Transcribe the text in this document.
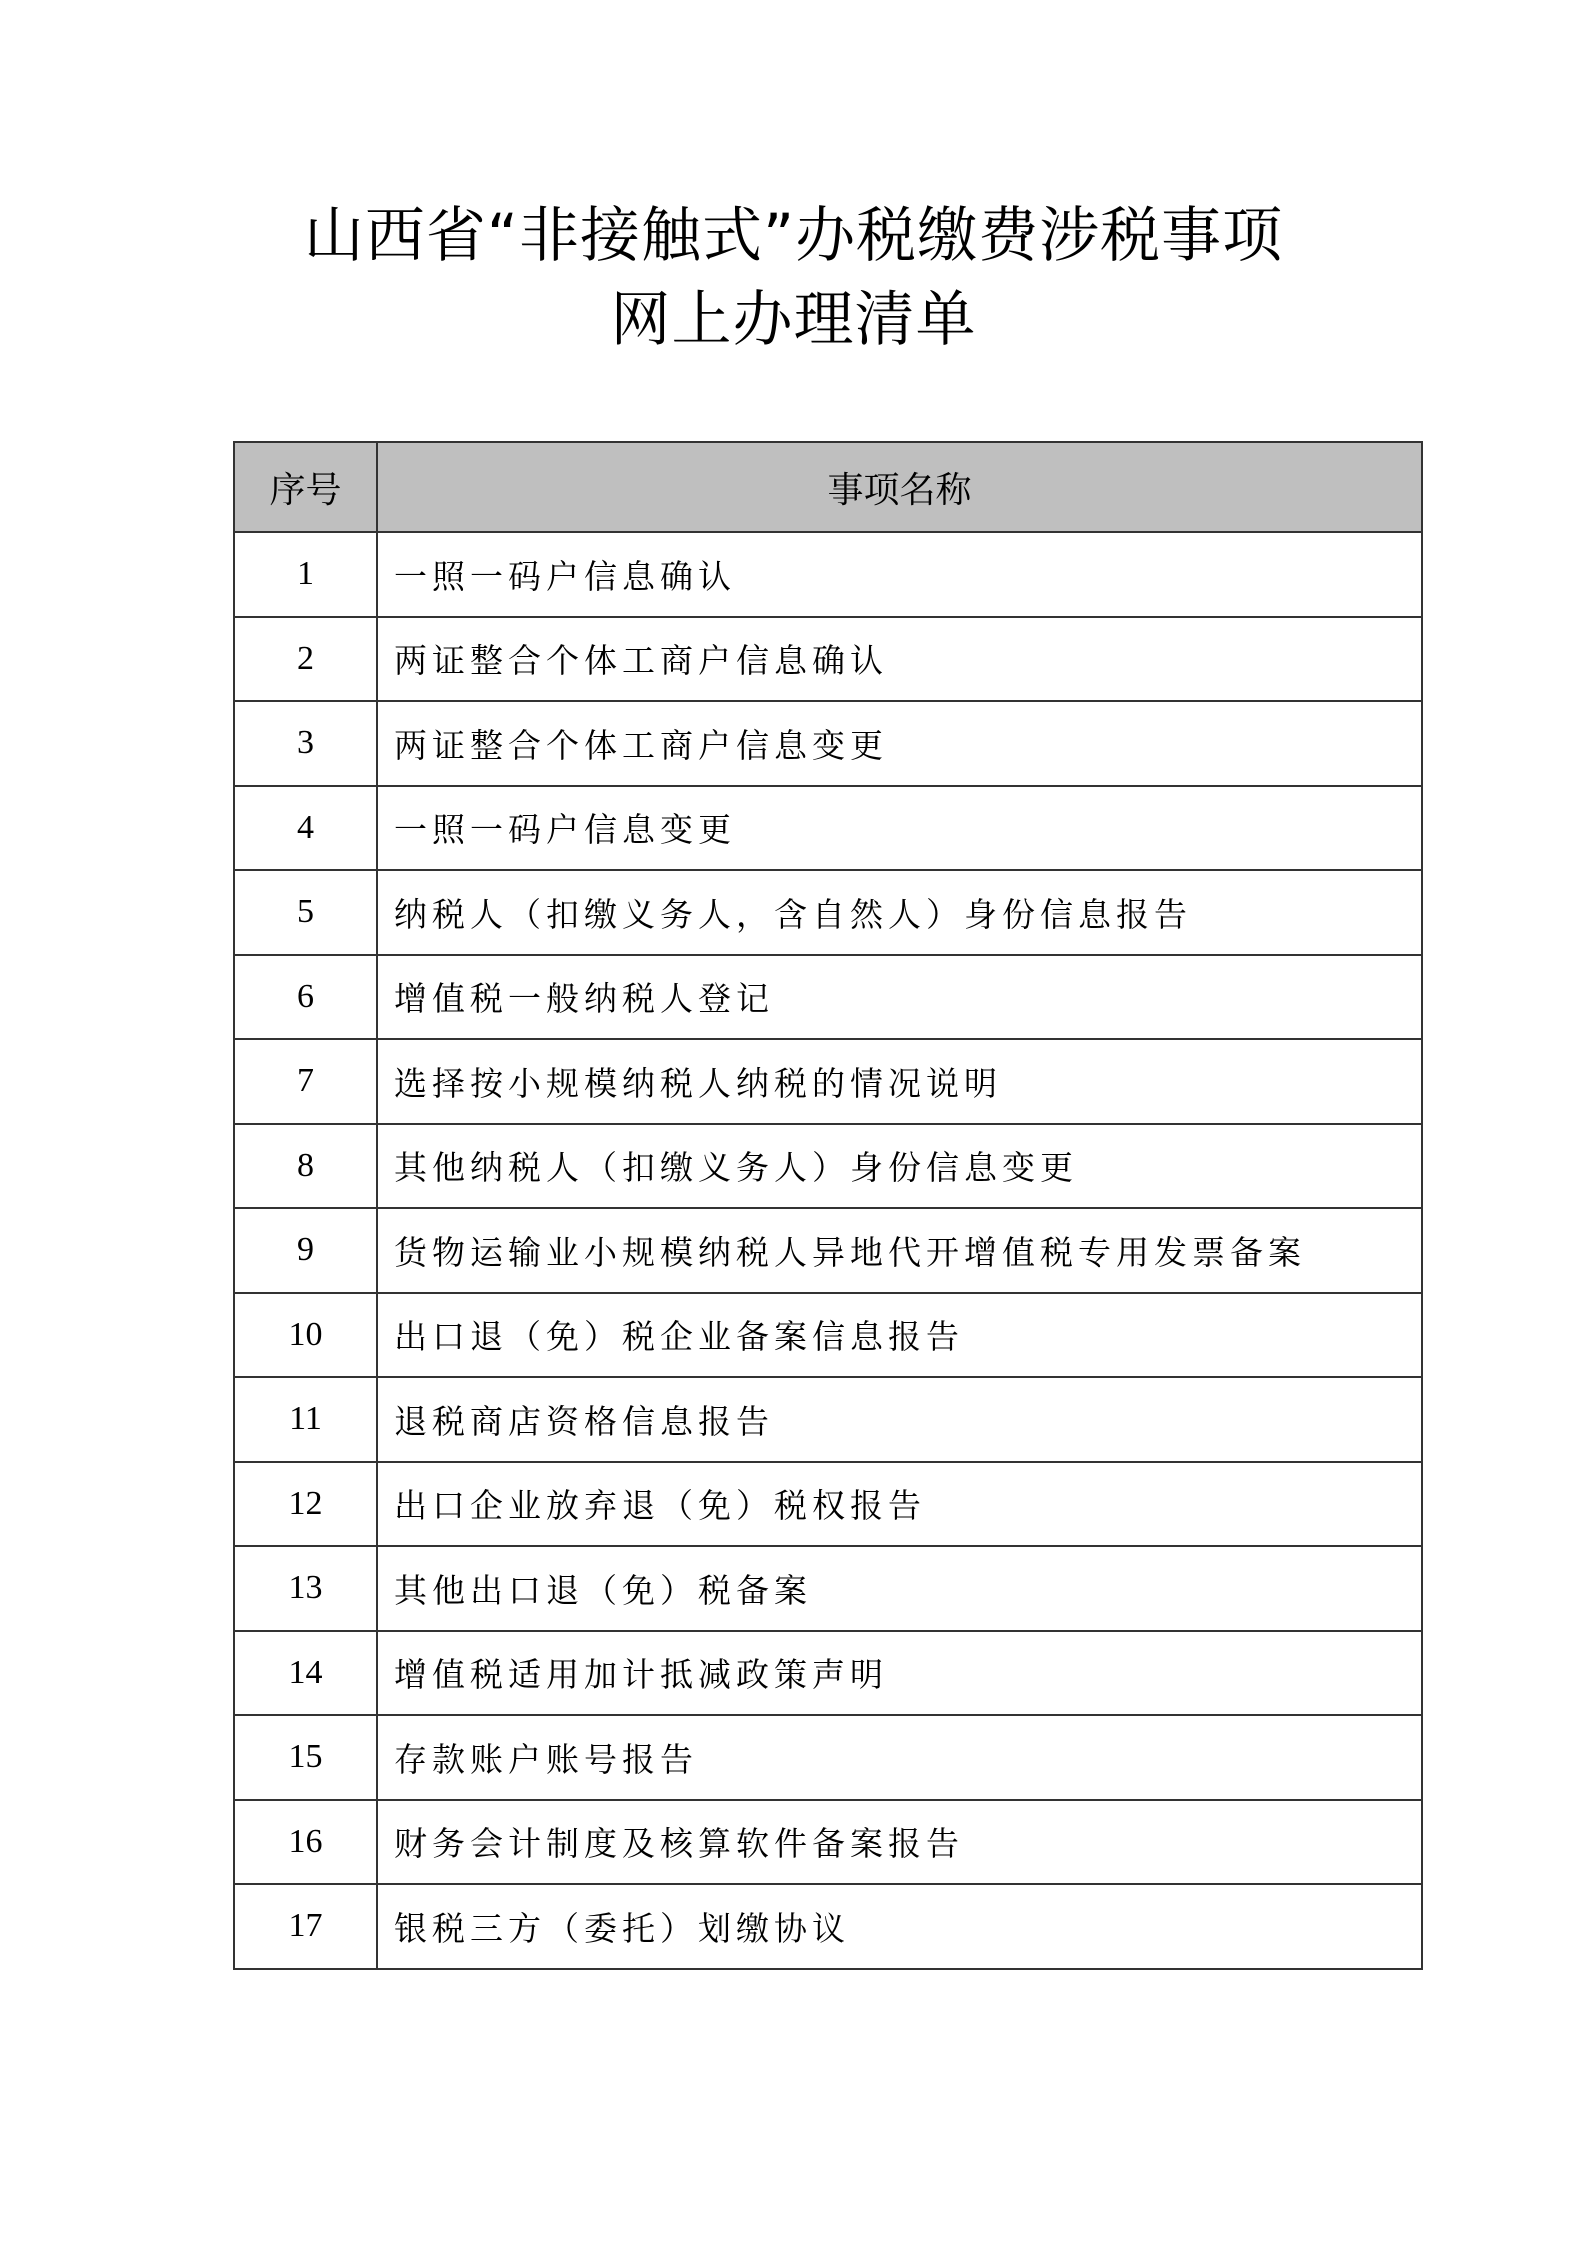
山西省“非接触式”办税缴费涉税事项
网上办理清单
序号	事项名称
1	一照一码户信息确认
2	两证整合个体工商户信息确认
3	两证整合个体工商户信息变更
4	一照一码户信息变更
5	纳税人（扣缴义务人，含自然人）身份信息报告
6	增值税一般纳税人登记
7	选择按小规模纳税人纳税的情况说明
8	其他纳税人（扣缴义务人）身份信息变更
9	货物运输业小规模纳税人异地代开增值税专用发票备案
10	出口退（免）税企业备案信息报告
11	退税商店资格信息报告
12	出口企业放弃退（免）税权报告
13	其他出口退（免）税备案
14	增值税适用加计抵减政策声明
15	存款账户账号报告
16	财务会计制度及核算软件备案报告
17	银税三方（委托）划缴协议
